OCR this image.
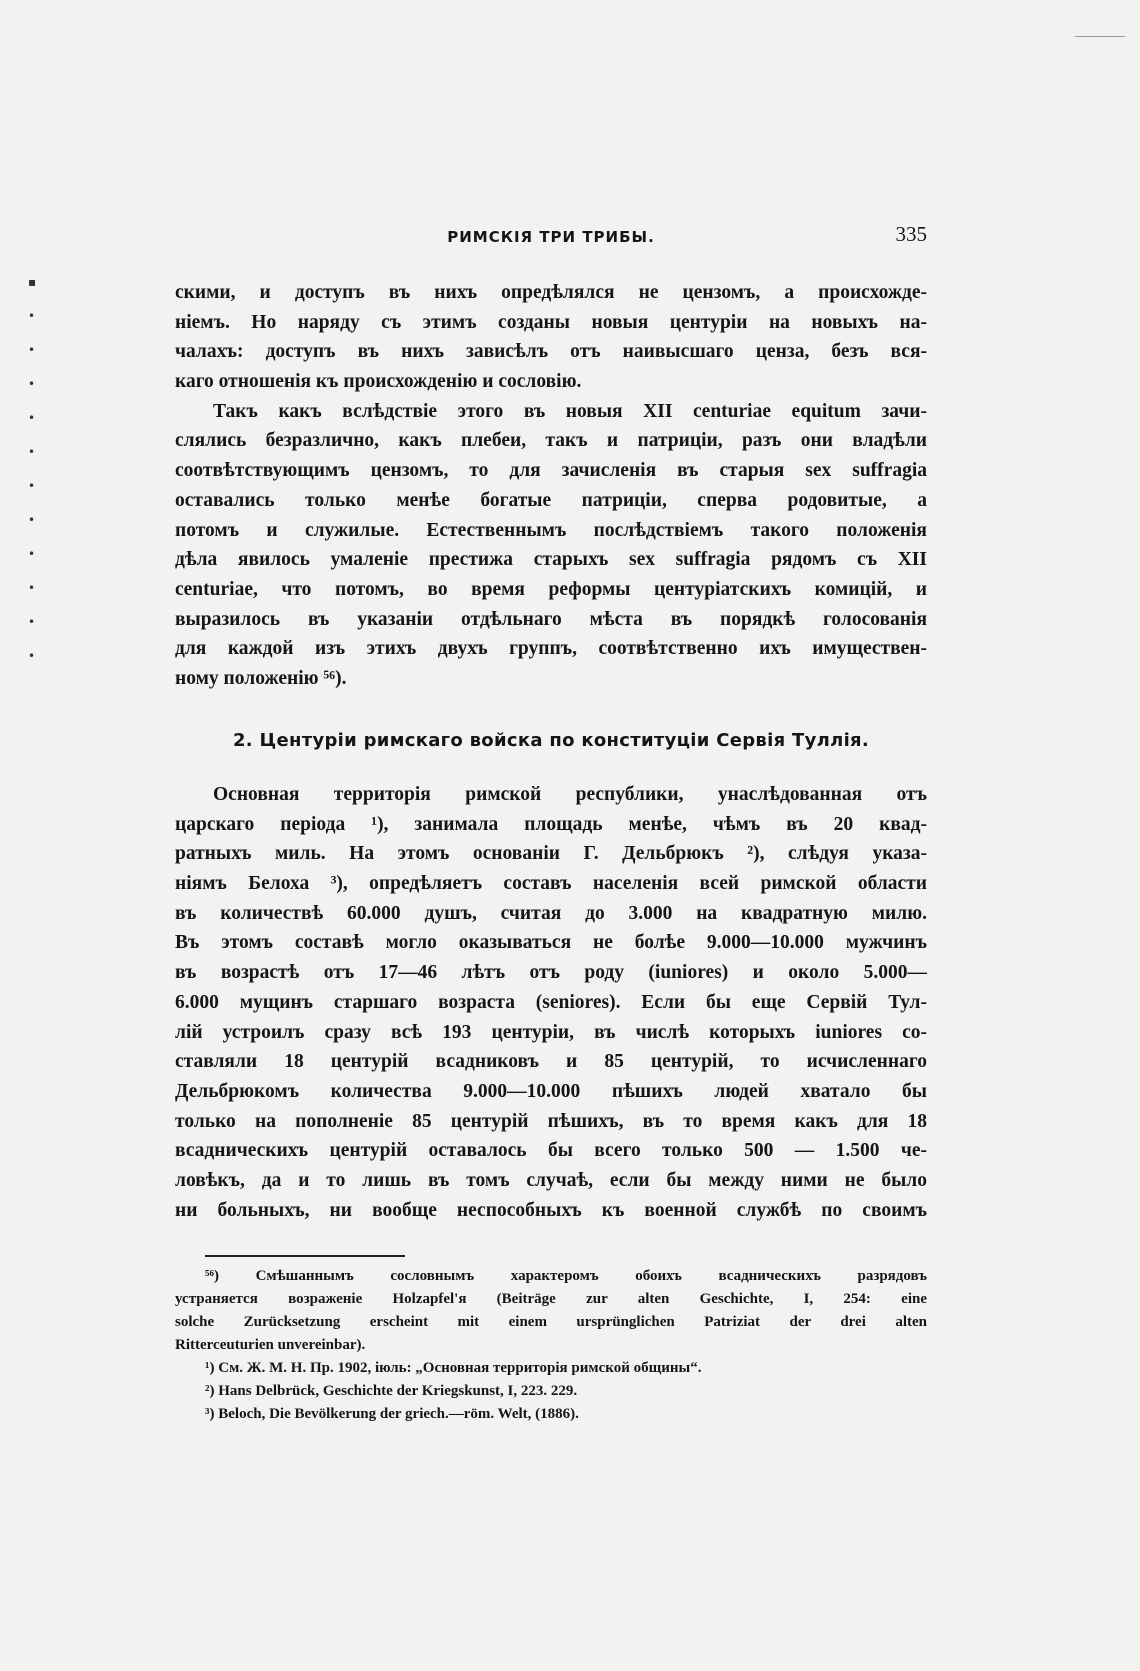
▪
•
•
•
•
•
•
•
•
•
•
•
РИМСКIЯ ТРИ ТРИБЫ.	335
скими, и доступъ въ нихъ опредѣлялся не цензомъ, а происхожде-
нiемъ. Но наряду съ этимъ созданы новыя центурiи на новыхъ на-
чалахъ: доступъ въ нихъ зависѣлъ отъ наивысшаго ценза, безъ вся-
каго отношенiя къ происхожденiю и сословiю.
Такъ какъ вслѣдствiе этого въ новыя XII centuriae equitum зачи-
слялись безразлично, какъ плебеи, такъ и патрицiи, разъ они владѣли
соотвѣтствующимъ цензомъ, то для зачисленiя въ старыя sex suffragia
оставались только менѣе богатые патрицiи, сперва родовитые, а
потомъ и служилые. Естественнымъ послѣдствiемъ такого положенiя
дѣла явилось умаленiе престижа старыхъ sex suffragia рядомъ съ XII
centuriae, что потомъ, во время реформы центурiатскихъ комицiй, и
выразилось въ указанiи отдѣльнаго мѣста въ порядкѣ голосованiя
для каждой изъ этихъ двухъ группъ, соотвѣтственно ихъ имуществен-
ному положенiю ⁵⁶).
2. Центурiи римскаго войска по конституцiи Сервiя Туллiя.
Основная территорiя римской республики, унаслѣдованная отъ
царскаго перiода ¹), занимала площадь менѣе, чѣмъ въ 20 квад-
ратныхъ миль. На этомъ основанiи Г. Дельбрюкъ ²), слѣдуя указа-
нiямъ Белоха ³), опредѣляетъ составъ населенiя всей римской области
въ количествѣ 60.000 душъ, считая до 3.000 на квадратную милю.
Въ этомъ составѣ могло оказываться не болѣе 9.000—10.000 мужчинъ
въ возрастѣ отъ 17—46 лѣтъ отъ роду (iuniores) и около 5.000—
6.000 мущинъ старшаго возраста (seniores). Если бы еще Сервiй Тул-
лiй устроилъ сразу всѣ 193 центурiи, въ числѣ которыхъ iuniores со-
ставляли 18 центурiй всадниковъ и 85 центурiй, то исчисленнаго
Дельбрюкомъ количества 9.000—10.000 пѣшихъ людей хватало бы
только на пополненiе 85 центурiй пѣшихъ, въ то время какъ для 18
всадническихъ центурiй оставалось бы всего только 500 — 1.500 че-
ловѣкъ, да и то лишь въ томъ случаѣ, если бы между ними не было
ни больныхъ, ни вообще неспособныхъ къ военной службѣ по своимъ
⁵⁶) Смѣшаннымъ сословнымъ характеромъ обоихъ всадническихъ разрядовъ
устраняется возраженiе Holzapfel'я (Beiträge zur alten Geschichte, I, 254: eine
solche Zurücksetzung erscheint mit einem ursprünglichen Patriziat der drei alten
Ritterceuturien unvereinbar).
¹) См. Ж. М. Н. Пр. 1902, iюль: „Основная территорiя римской общины“.
²) Hans Delbrück, Geschichte der Kriegskunst, I, 223. 229.
³) Beloch, Die Bevölkerung der griech.—röm. Welt, (1886).
